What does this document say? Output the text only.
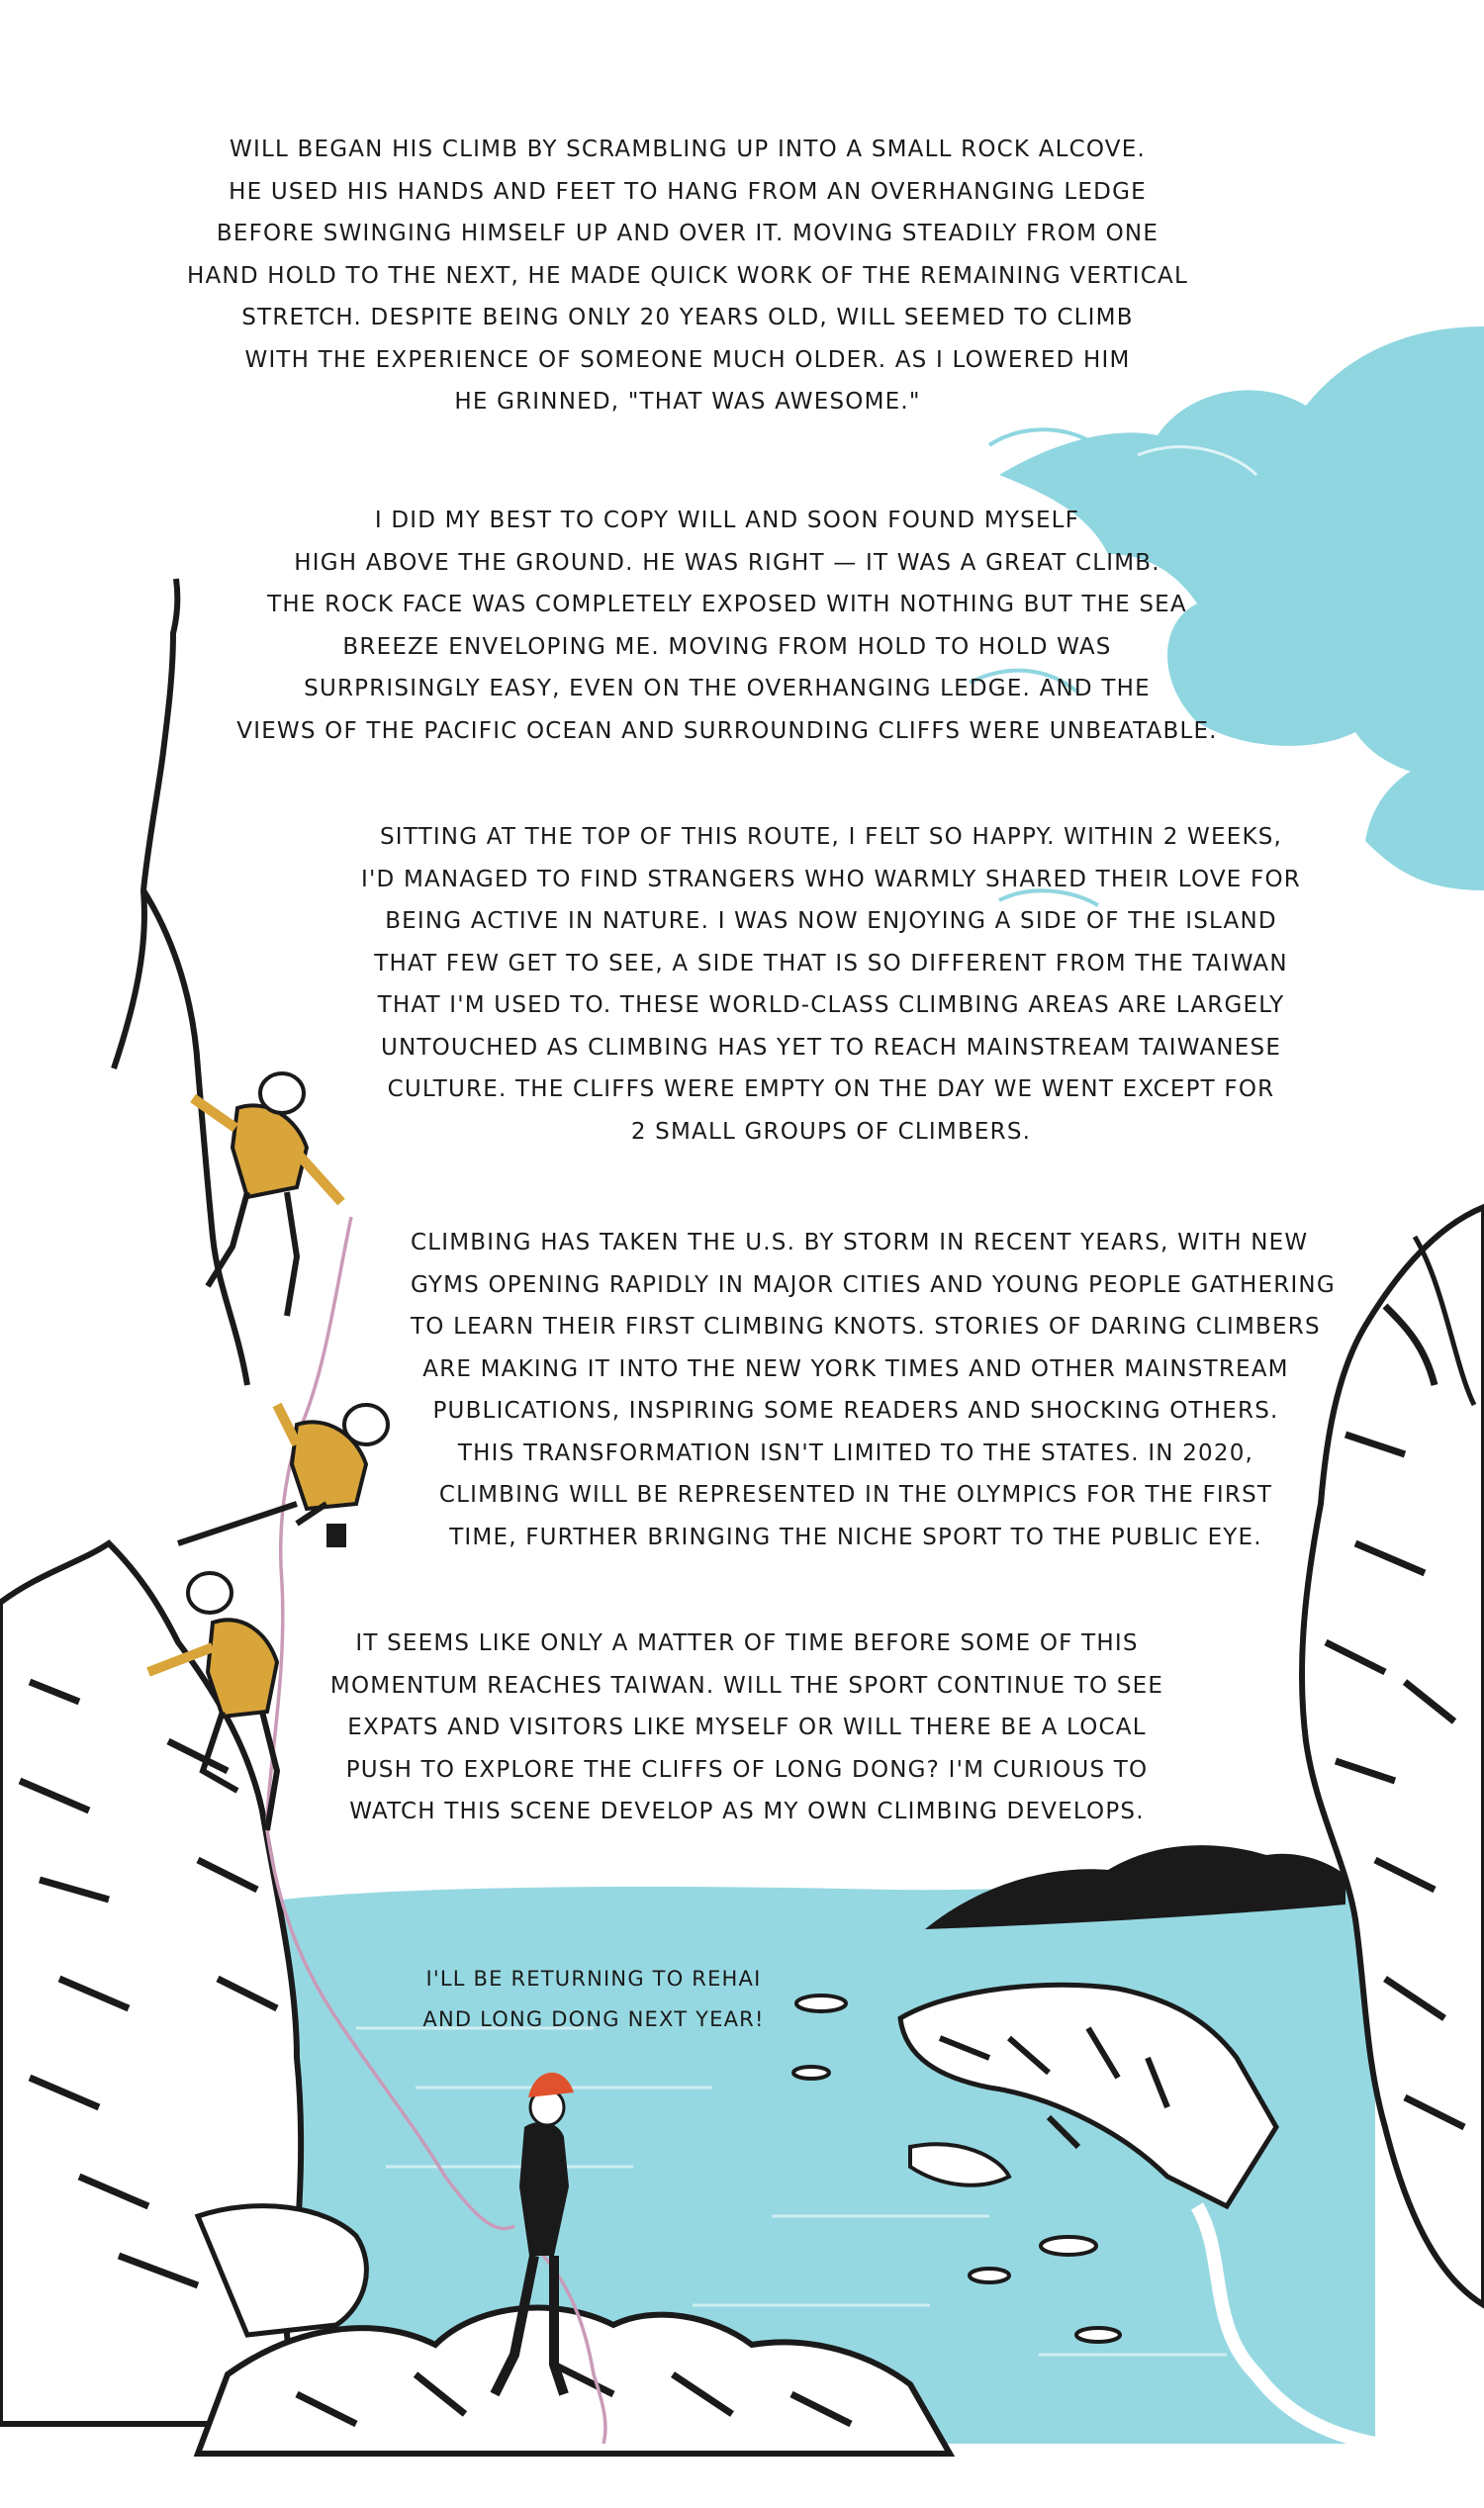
WILL BEGAN HIS CLIMB BY SCRAMBLING UP INTO A SMALL ROCK ALCOVE.
HE USED HIS HANDS AND FEET TO HANG FROM AN OVERHANGING LEDGE
BEFORE SWINGING HIMSELF UP AND OVER IT. MOVING STEADILY FROM ONE
HAND HOLD TO THE NEXT, HE MADE QUICK WORK OF THE REMAINING VERTICAL
STRETCH. DESPITE BEING ONLY 20 YEARS OLD, WILL SEEMED TO CLIMB
WITH THE EXPERIENCE OF SOMEONE MUCH OLDER. AS I LOWERED HIM
HE GRINNED, "THAT WAS AWESOME."

I DID MY BEST TO COPY WILL AND SOON FOUND MYSELF
HIGH ABOVE THE GROUND. HE WAS RIGHT — IT WAS A GREAT CLIMB.
THE ROCK FACE WAS COMPLETELY EXPOSED WITH NOTHING BUT THE SEA
BREEZE ENVELOPING ME. MOVING FROM HOLD TO HOLD WAS
SURPRISINGLY EASY, EVEN ON THE OVERHANGING LEDGE. AND THE
VIEWS OF THE PACIFIC OCEAN AND SURROUNDING CLIFFS WERE UNBEATABLE.

SITTING AT THE TOP OF THIS ROUTE, I FELT SO HAPPY. WITHIN 2 WEEKS,
I'D MANAGED TO FIND STRANGERS WHO WARMLY SHARED THEIR LOVE FOR
BEING ACTIVE IN NATURE. I WAS NOW ENJOYING A SIDE OF THE ISLAND
THAT FEW GET TO SEE, A SIDE THAT IS SO DIFFERENT FROM THE TAIWAN
THAT I'M USED TO. THESE WORLD-CLASS CLIMBING AREAS ARE LARGELY
UNTOUCHED AS CLIMBING HAS YET TO REACH MAINSTREAM TAIWANESE
CULTURE. THE CLIFFS WERE EMPTY ON THE DAY WE WENT EXCEPT FOR
2 SMALL GROUPS OF CLIMBERS.

CLIMBING HAS TAKEN THE U.S. BY STORM IN RECENT YEARS, WITH NEW
GYMS OPENING RAPIDLY IN MAJOR CITIES AND YOUNG PEOPLE GATHERING
TO LEARN THEIR FIRST CLIMBING KNOTS. STORIES OF DARING CLIMBERS
ARE MAKING IT INTO THE NEW YORK TIMES AND OTHER MAINSTREAM
PUBLICATIONS, INSPIRING SOME READERS AND SHOCKING OTHERS.
THIS TRANSFORMATION ISN'T LIMITED TO THE STATES. IN 2020,
CLIMBING WILL BE REPRESENTED IN THE OLYMPICS FOR THE FIRST
TIME, FURTHER BRINGING THE NICHE SPORT TO THE PUBLIC EYE.

IT SEEMS LIKE ONLY A MATTER OF TIME BEFORE SOME OF THIS
MOMENTUM REACHES TAIWAN. WILL THE SPORT CONTINUE TO SEE
EXPATS AND VISITORS LIKE MYSELF OR WILL THERE BE A LOCAL
PUSH TO EXPLORE THE CLIFFS OF LONG DONG? I'M CURIOUS TO
WATCH THIS SCENE DEVELOP AS MY OWN CLIMBING DEVELOPS.

I'LL BE RETURNING TO REHAI
AND LONG DONG NEXT YEAR!
